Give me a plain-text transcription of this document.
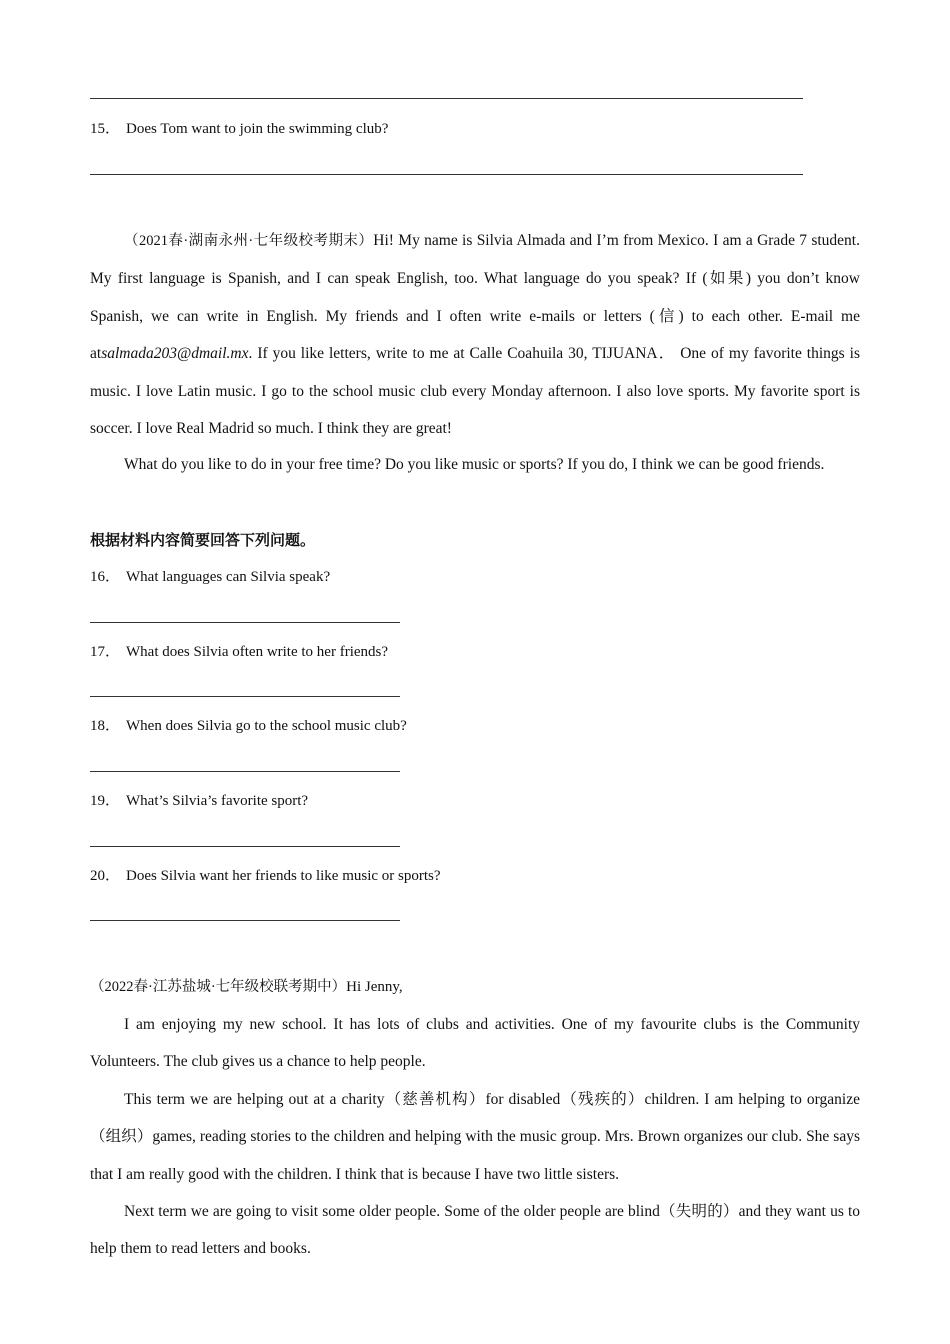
15． Does Tom want to join the swimming club?

（2021春·湖南永州·七年级校考期末）Hi! My name is Silvia Almada and I’m from Mexico. I am a Grade 7 student. My first language is Spanish, and I can speak English, too. What language do you speak? If (如果) you don’t know Spanish, we can write in English. My friends and I often write e-mails or letters (信) to each other. E-mail me atsalmada203@dmail.mx. If you like letters, write to me at Calle Coahuila 30, TIJUANA． One of my favorite things is music. I love Latin music. I go to the school music club every Monday afternoon. I also love sports. My favorite sport is soccer. I love Real Madrid so much. I think they are great!

What do you like to do in your free time? Do you like music or sports? If you do, I think we can be good friends.

根据材料内容简要回答下列问题。
16． What languages can Silvia speak?
17． What does Silvia often write to her friends?
18． When does Silvia go to the school music club?
19． What’s Silvia’s favorite sport?
20． Does Silvia want her friends to like music or sports?
（2022春·江苏盐城·七年级校联考期中）Hi Jenny,

I am enjoying my new school. It has lots of clubs and activities. One of my favourite clubs is the Community Volunteers. The club gives us a chance to help people.

This term we are helping out at a charity（慈善机构）for disabled（残疾的）children. I am helping to organize（组织）games, reading stories to the children and helping with the music group. Mrs. Brown organizes our club. She says that I am really good with the children. I think that is because I have two little sisters.

Next term we are going to visit some older people. Some of the older people are blind（失明的）and they want us to help them to read letters and books.
